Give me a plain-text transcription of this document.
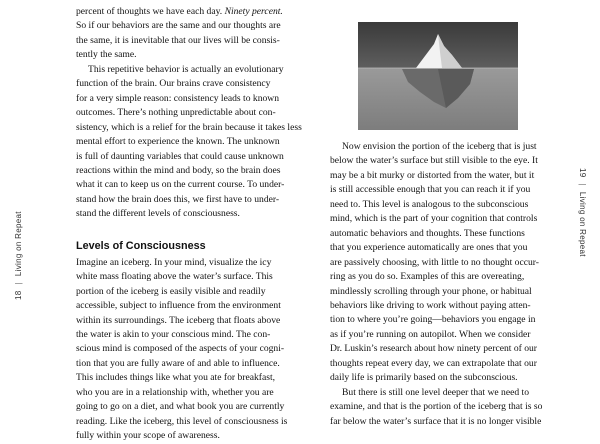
18|Living on Repeat
percent of thoughts we have each day. Ninety percent.
So if our behaviors are the same and our thoughts are
the same, it is inevitable that our lives will be consis-
tently the same.
This repetitive behavior is actually an evolutionary
function of the brain. Our brains crave consistency
for a very simple reason: consistency leads to known
outcomes. There’s nothing unpredictable about con-
sistency, which is a relief for the brain because it takes less
mental effort to experience the known. The unknown
is full of daunting variables that could cause unknown
reactions within the mind and body, so the brain does
what it can to keep us on the current course. To under-
stand how the brain does this, we first have to under-
stand the different levels of consciousness.
Levels of Consciousness
Imagine an iceberg. In your mind, visualize the icy
white mass floating above the water’s surface. This
portion of the iceberg is easily visible and readily
accessible, subject to influence from the environment
within its surroundings. The iceberg that floats above
the water is akin to your conscious mind. The con-
scious mind is composed of the aspects of your cogni-
tion that you are fully aware of and able to influence.
This includes things like what you ate for breakfast,
who you are in a relationship with, whether you are
going to go on a diet, and what book you are currently
reading. Like the iceberg, this level of consciousness is
fully within your scope of awareness.
19|Living on Repeat
Now envision the portion of the iceberg that is just
below the water’s surface but still visible to the eye. It
may be a bit murky or distorted from the water, but it
is still accessible enough that you can reach it if you
need to. This level is analogous to the subconscious
mind, which is the part of your cognition that controls
automatic behaviors and thoughts. These functions
that you experience automatically are ones that you
are passively choosing, with little to no thought occur-
ring as you do so. Examples of this are overeating,
mindlessly scrolling through your phone, or habitual
behaviors like driving to work without paying atten-
tion to where you’re going—behaviors you engage in
as if you’re running on autopilot. When we consider
Dr. Luskin’s research about how ninety percent of our
thoughts repeat every day, we can extrapolate that our
daily life is primarily based on the subconscious.
But there is still one level deeper that we need to
examine, and that is the portion of the iceberg that is so
far below the water’s surface that it is no longer visible
